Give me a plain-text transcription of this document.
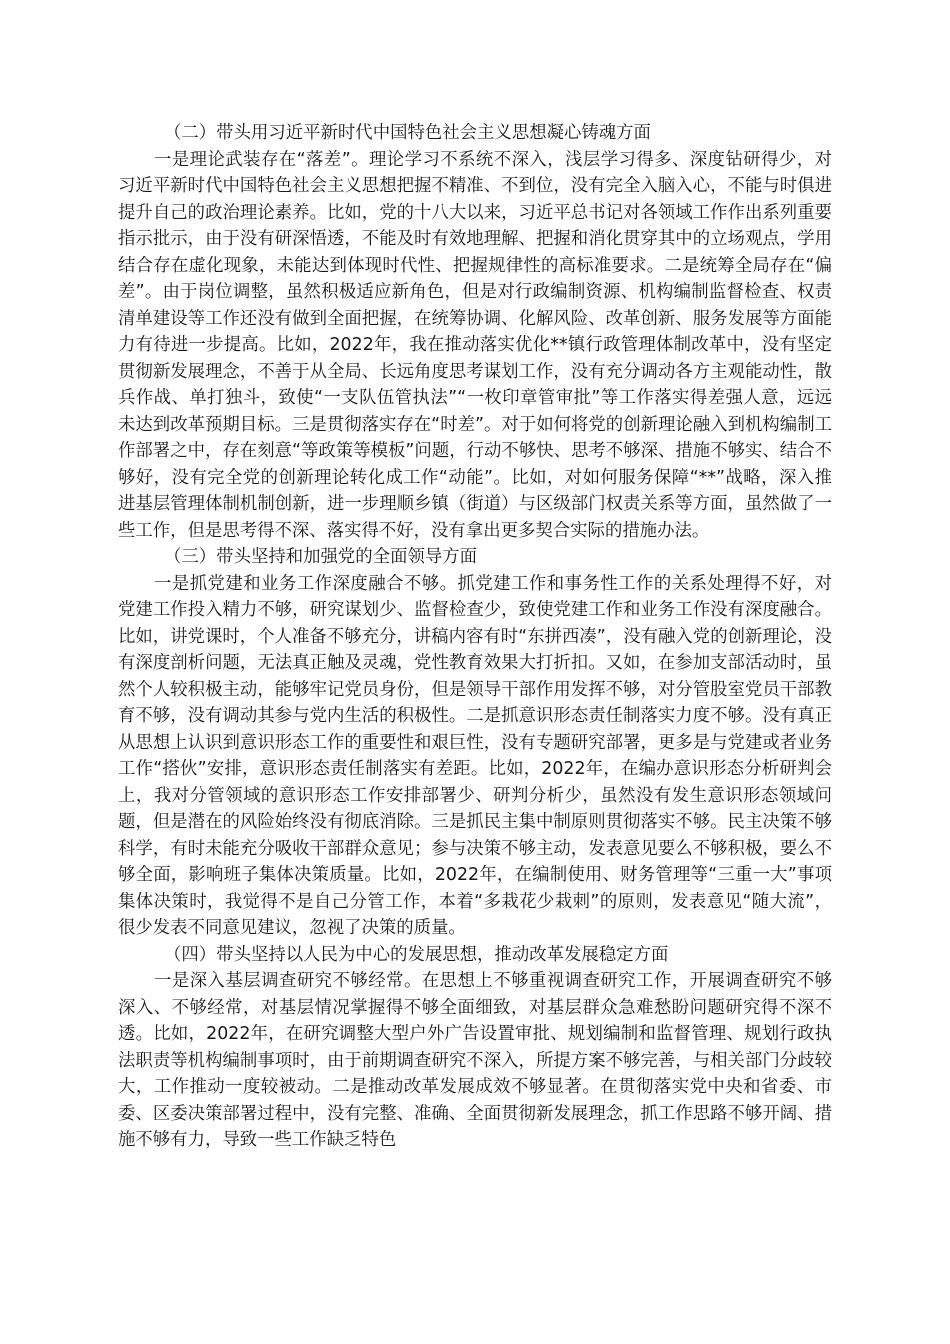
（二）带头用习近平新时代中国特色社会主义思想凝心铸魂方面

一是理论武装存在“落差”。理论学习不系统不深入，浅层学习得多、深度钻研得少，对习近平新时代中国特色社会主义思想把握不精准、不到位，没有完全入脑入心，不能与时俱进提升自己的政治理论素养。比如，党的十八大以来，习近平总书记对各领域工作作出系列重要指示批示，由于没有研深悟透，不能及时有效地理解、把握和消化贯穿其中的立场观点，学用结合存在虚化现象，未能达到体现时代性、把握规律性的高标准要求。二是统筹全局存在“偏差”。由于岗位调整，虽然积极适应新角色，但是对行政编制资源、机构编制监督检查、权责清单建设等工作还没有做到全面把握，在统筹协调、化解风险、改革创新、服务发展等方面能力有待进一步提高。比如，2022年，我在推动落实优化**镇行政管理体制改革中，没有坚定贯彻新发展理念，不善于从全局、长远角度思考谋划工作，没有充分调动各方主观能动性，散兵作战、单打独斗，致使“一支队伍管执法”“一枚印章管审批”等工作落实得差强人意，远远未达到改革预期目标。三是贯彻落实存在“时差”。对于如何将党的创新理论融入到机构编制工作部署之中，存在刻意“等政策等模板”问题，行动不够快、思考不够深、措施不够实、结合不够好，没有完全党的创新理论转化成工作“动能”。比如，对如何服务保障“**”战略，深入推进基层管理体制机制创新，进一步理顺乡镇（街道）与区级部门权责关系等方面，虽然做了一些工作，但是思考得不深、落实得不好，没有拿出更多契合实际的措施办法。

（三）带头坚持和加强党的全面领导方面

一是抓党建和业务工作深度融合不够。抓党建工作和事务性工作的关系处理得不好，对党建工作投入精力不够，研究谋划少、监督检查少，致使党建工作和业务工作没有深度融合。比如，讲党课时，个人准备不够充分，讲稿内容有时“东拼西凑”，没有融入党的创新理论，没有深度剖析问题，无法真正触及灵魂，党性教育效果大打折扣。又如，在参加支部活动时，虽然个人较积极主动，能够牢记党员身份，但是领导干部作用发挥不够，对分管股室党员干部教育不够，没有调动其参与党内生活的积极性。二是抓意识形态责任制落实力度不够。没有真正从思想上认识到意识形态工作的重要性和艰巨性，没有专题研究部署，更多是与党建或者业务工作“搭伙”安排，意识形态责任制落实有差距。比如，2022年，在编办意识形态分析研判会上，我对分管领域的意识形态工作安排部署少、研判分析少，虽然没有发生意识形态领域问题，但是潜在的风险始终没有彻底消除。三是抓民主集中制原则贯彻落实不够。民主决策不够科学，有时未能充分吸收干部群众意见；参与决策不够主动，发表意见要么不够积极，要么不够全面，影响班子集体决策质量。比如，2022年，在编制使用、财务管理等“三重一大”事项集体决策时，我觉得不是自己分管工作，本着“多栽花少栽刺”的原则，发表意见“随大流”，很少发表不同意见建议，忽视了决策的质量。

（四）带头坚持以人民为中心的发展思想，推动改革发展稳定方面

一是深入基层调查研究不够经常。在思想上不够重视调查研究工作，开展调查研究不够深入、不够经常，对基层情况掌握得不够全面细致，对基层群众急难愁盼问题研究得不深不透。比如，2022年，在研究调整大型户外广告设置审批、规划编制和监督管理、规划行政执法职责等机构编制事项时，由于前期调查研究不深入，所提方案不够完善，与相关部门分歧较大，工作推动一度较被动。二是推动改革发展成效不够显著。在贯彻落实党中央和省委、市委、区委决策部署过程中，没有完整、准确、全面贯彻新发展理念，抓工作思路不够开阔、措施不够有力，导致一些工作缺乏特色
